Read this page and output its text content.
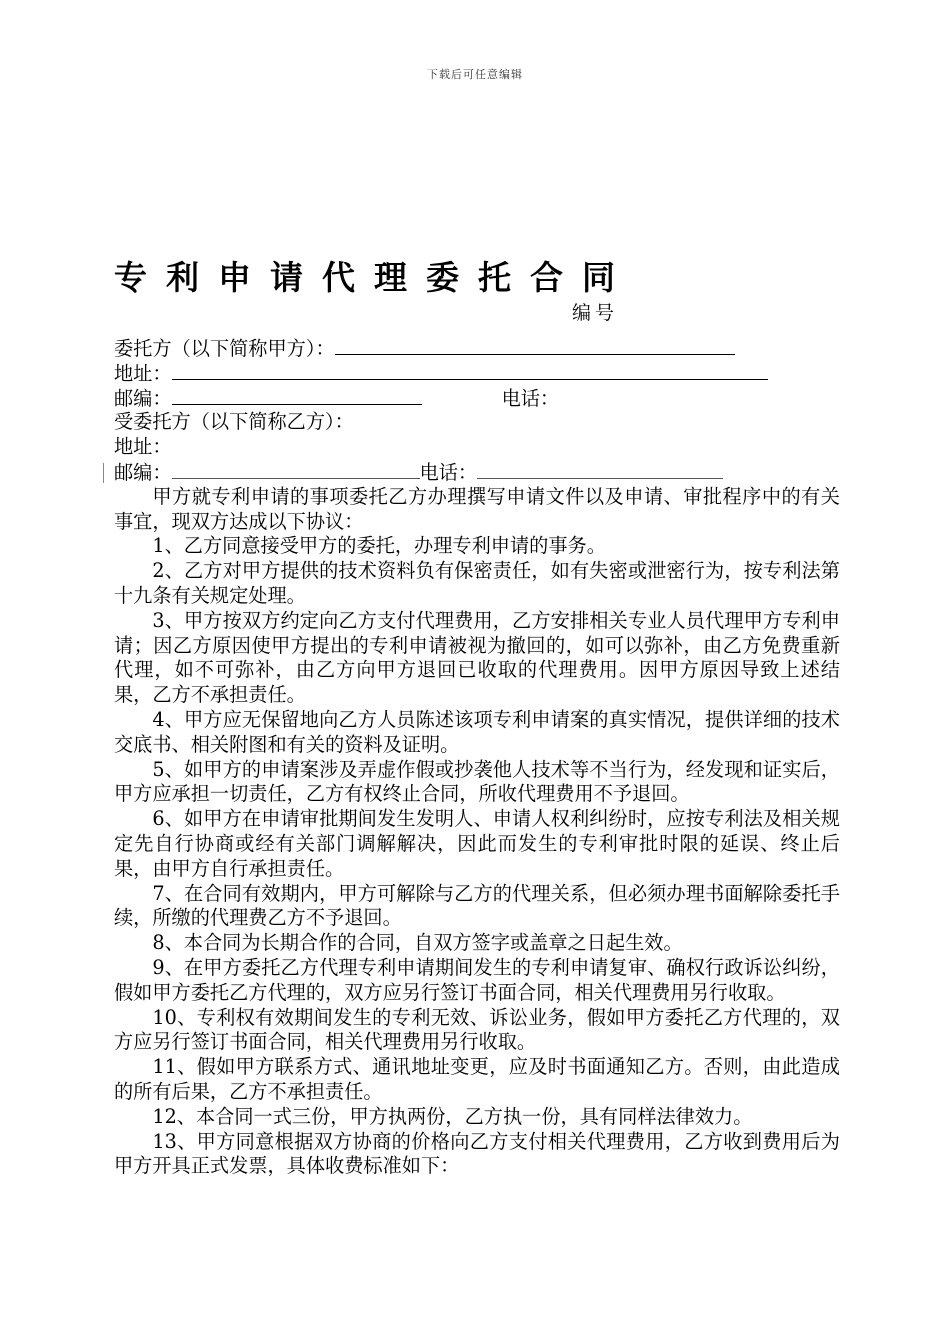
下载后可任意编辑
专利申请代理委托合同
编号
委托方（以下简称甲方）：
地址：
邮编：	电话：
受委托方（以下简称乙方）：
地址：
邮编：	电话：

甲方就专利申请的事项委托乙方办理撰写申请文件以及申请、审批程序中的有关事宜，现双方达成以下协议：

1、乙方同意接受甲方的委托，办理专利申请的事务。

2、乙方对甲方提供的技术资料负有保密责任，如有失密或泄密行为，按专利法第十九条有关规定处理。

3、甲方按双方约定向乙方支付代理费用，乙方安排相关专业人员代理甲方专利申请；因乙方原因使甲方提出的专利申请被视为撤回的，如可以弥补，由乙方免费重新代理，如不可弥补，由乙方向甲方退回已收取的代理费用。因甲方原因导致上述结果，乙方不承担责任。

4、甲方应无保留地向乙方人员陈述该项专利申请案的真实情况，提供详细的技术交底书、相关附图和有关的资料及证明。

5、如甲方的申请案涉及弄虚作假或抄袭他人技术等不当行为，经发现和证实后，甲方应承担一切责任，乙方有权终止合同，所收代理费用不予退回。

6、如甲方在申请审批期间发生发明人、申请人权利纠纷时，应按专利法及相关规定先自行协商或经有关部门调解解决，因此而发生的专利审批时限的延误、终止后果，由甲方自行承担责任。

7、在合同有效期内，甲方可解除与乙方的代理关系，但必须办理书面解除委托手续，所缴的代理费乙方不予退回。

8、本合同为长期合作的合同，自双方签字或盖章之日起生效。

9、在甲方委托乙方代理专利申请期间发生的专利申请复审、确权行政诉讼纠纷，假如甲方委托乙方代理的，双方应另行签订书面合同，相关代理费用另行收取。

10、专利权有效期间发生的专利无效、诉讼业务，假如甲方委托乙方代理的，双方应另行签订书面合同，相关代理费用另行收取。

11、假如甲方联系方式、通讯地址变更，应及时书面通知乙方。否则，由此造成的所有后果，乙方不承担责任。

12、本合同一式三份，甲方执两份，乙方执一份，具有同样法律效力。

13、甲方同意根据双方协商的价格向乙方支付相关代理费用，乙方收到费用后为甲方开具正式发票，具体收费标准如下：
